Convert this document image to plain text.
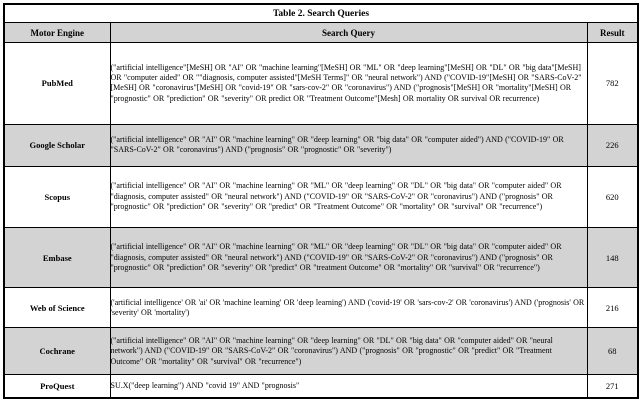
Table 2. Search Queries		
Motor Engine	Search Query	Result
PubMed	("artificial intelligence"[MeSH] OR "AI" OR "machine learning"[MeSH] OR "ML" OR "deep learning"[MeSH] OR "DL" OR "big data"[MeSH] OR "computer aided" OR ""diagnosis, computer assisted"[MeSH Terms]" OR "neural network") AND ("COVID-19"[MeSH] OR "SARS-CoV-2"[MeSH] OR "coronavirus"[MeSH] OR "covid-19" OR "sars-cov-2" OR "coronavirus") AND ("prognosis"[MeSH] OR "mortality"[MeSH] OR "prognostic" OR "prediction" OR "severity" OR predict OR "Treatment Outcome"[Mesh] OR mortality OR survival OR recurrence)	782
Google Scholar	("artificial intelligence" OR "AI" OR "machine learning" OR "deep learning" OR "big data" OR "computer aided") AND ("COVID-19" OR "SARS-CoV-2" OR "coronavirus") AND ("prognosis" OR "prognostic" OR "severity")	226
Scopus	("artificial intelligence" OR "AI" OR "machine learning" OR "ML" OR "deep learning" OR "DL" OR "big data" OR "computer aided" OR "diagnosis, computer assisted" OR "neural network") AND ("COVID-19" OR "SARS-CoV-2" OR "coronavirus") AND ("prognosis" OR "prognostic" OR "prediction" OR "severity" OR "predict" OR "Treatment Outcome" OR "mortality" OR "survival" OR "recurrence")	620
Embase	("artificial intelligence" OR "AI" OR "machine learning" OR "ML" OR "deep learning" OR "DL" OR "big data" OR "computer aided" OR "diagnosis, computer assisted" OR "neural network") AND ("COVID-19" OR "SARS-CoV-2" OR "coronavirus") AND ("prognosis" OR "prognostic" OR "prediction" OR "severity" OR "predict" OR "treatment Outcome" OR "mortality" OR "survival" OR "recurrence")	148
Web of Science	('artificial intelligence' OR 'ai' OR 'machine learning' OR 'deep learning') AND ('covid-19' OR 'sars-cov-2' OR 'coronavirus') AND ('prognosis' OR 'severity' OR 'mortality')	216
Cochrane	("artificial intelligence" OR "AI" OR "machine learning" OR "deep learning" OR "DL" OR "big data" OR "computer aided" OR "neural network") AND ("COVID-19" OR "SARS-CoV-2" OR "coronavirus") AND ("prognosis" OR "prognostic" OR "predict" OR "Treatment Outcome" OR "mortality" OR "survival" OR "recurrence")	68
ProQuest	SU.X("deep learning") AND "covid 19" AND "prognosis"	271
